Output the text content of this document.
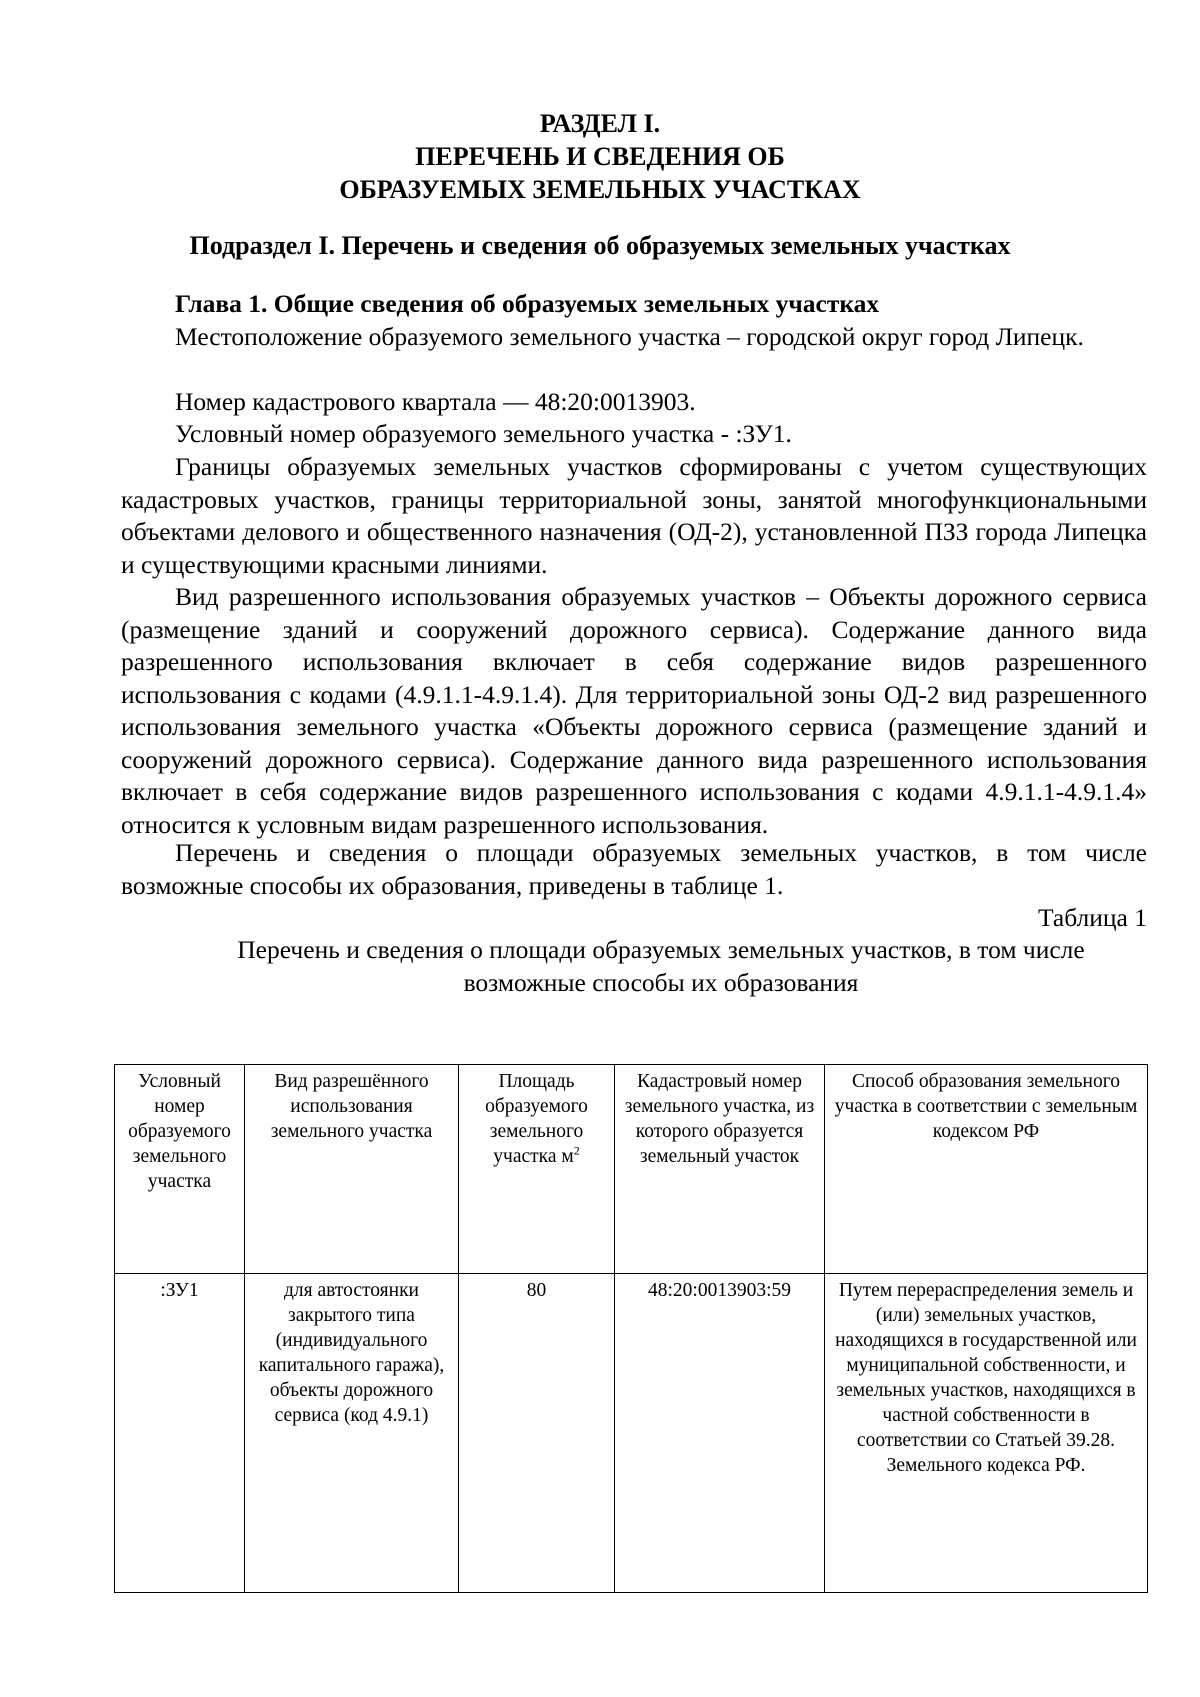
РАЗДЕЛ I.

ПЕРЕЧЕНЬ И СВЕДЕНИЯ ОБ

ОБРАЗУЕМЫХ ЗЕМЕЛЬНЫХ УЧАСТКАХ

Подраздел I. Перечень и сведения об образуемых земельных участках

Глава 1. Общие сведения об образуемых земельных участках

Местоположение образуемого земельного участка – городской округ город Липецк.

Номер кадастрового квартала — 48:20:0013903.

Условный номер образуемого земельного участка - :ЗУ1.

Границы образуемых земельных участков сформированы с учетом существующих кадастровых участков, границы территориальной зоны, занятой многофункциональными объектами делового и общественного назначения (ОД-2), установленной ПЗЗ города Липецка и существующими красными линиями.

Вид разрешенного использования образуемых участков – Объекты дорожного сервиса (размещение зданий и сооружений дорожного сервиса). Содержание данного вида разрешенного использования включает в себя содержание видов разрешенного использования с кодами (4.9.1.1-4.9.1.4). Для территориальной зоны ОД-2 вид разрешенного использования земельного участка «Объекты дорожного сервиса (размещение зданий и сооружений дорожного сервиса). Содержание данного вида разрешенного использования включает в себя содержание видов разрешенного использования с кодами 4.9.1.1-4.9.1.4» относится к условным видам разрешенного использования.

Перечень и сведения о площади образуемых земельных участков, в том числе возможные способы их образования, приведены в таблице 1.

Таблица 1

Перечень и сведения о площади образуемых земельных участков, в том числе возможные способы их образования

Условный номер образуемого земельного участка	Вид разрешённого использования земельного участка	Площадь образуемого земельного участка $м^2$	Кадастровый номер земельного участка, из которого образуется земельный участок	Способ образования земельного участка в соответствии с земельным кодексом РФ
:ЗУ1	для автостоянки закрытого типа (индивидуального капитального гаража), объекты дорожного сервиса (код 4.9.1)	80	48:20:0013903:59	Путем перераспределения земель и (или) земельных участков, находящихся в государственной или муниципальной собственности, и земельных участков, находящихся в частной собственности в соответствии со Статьей 39.28. Земельного кодекса РФ.
